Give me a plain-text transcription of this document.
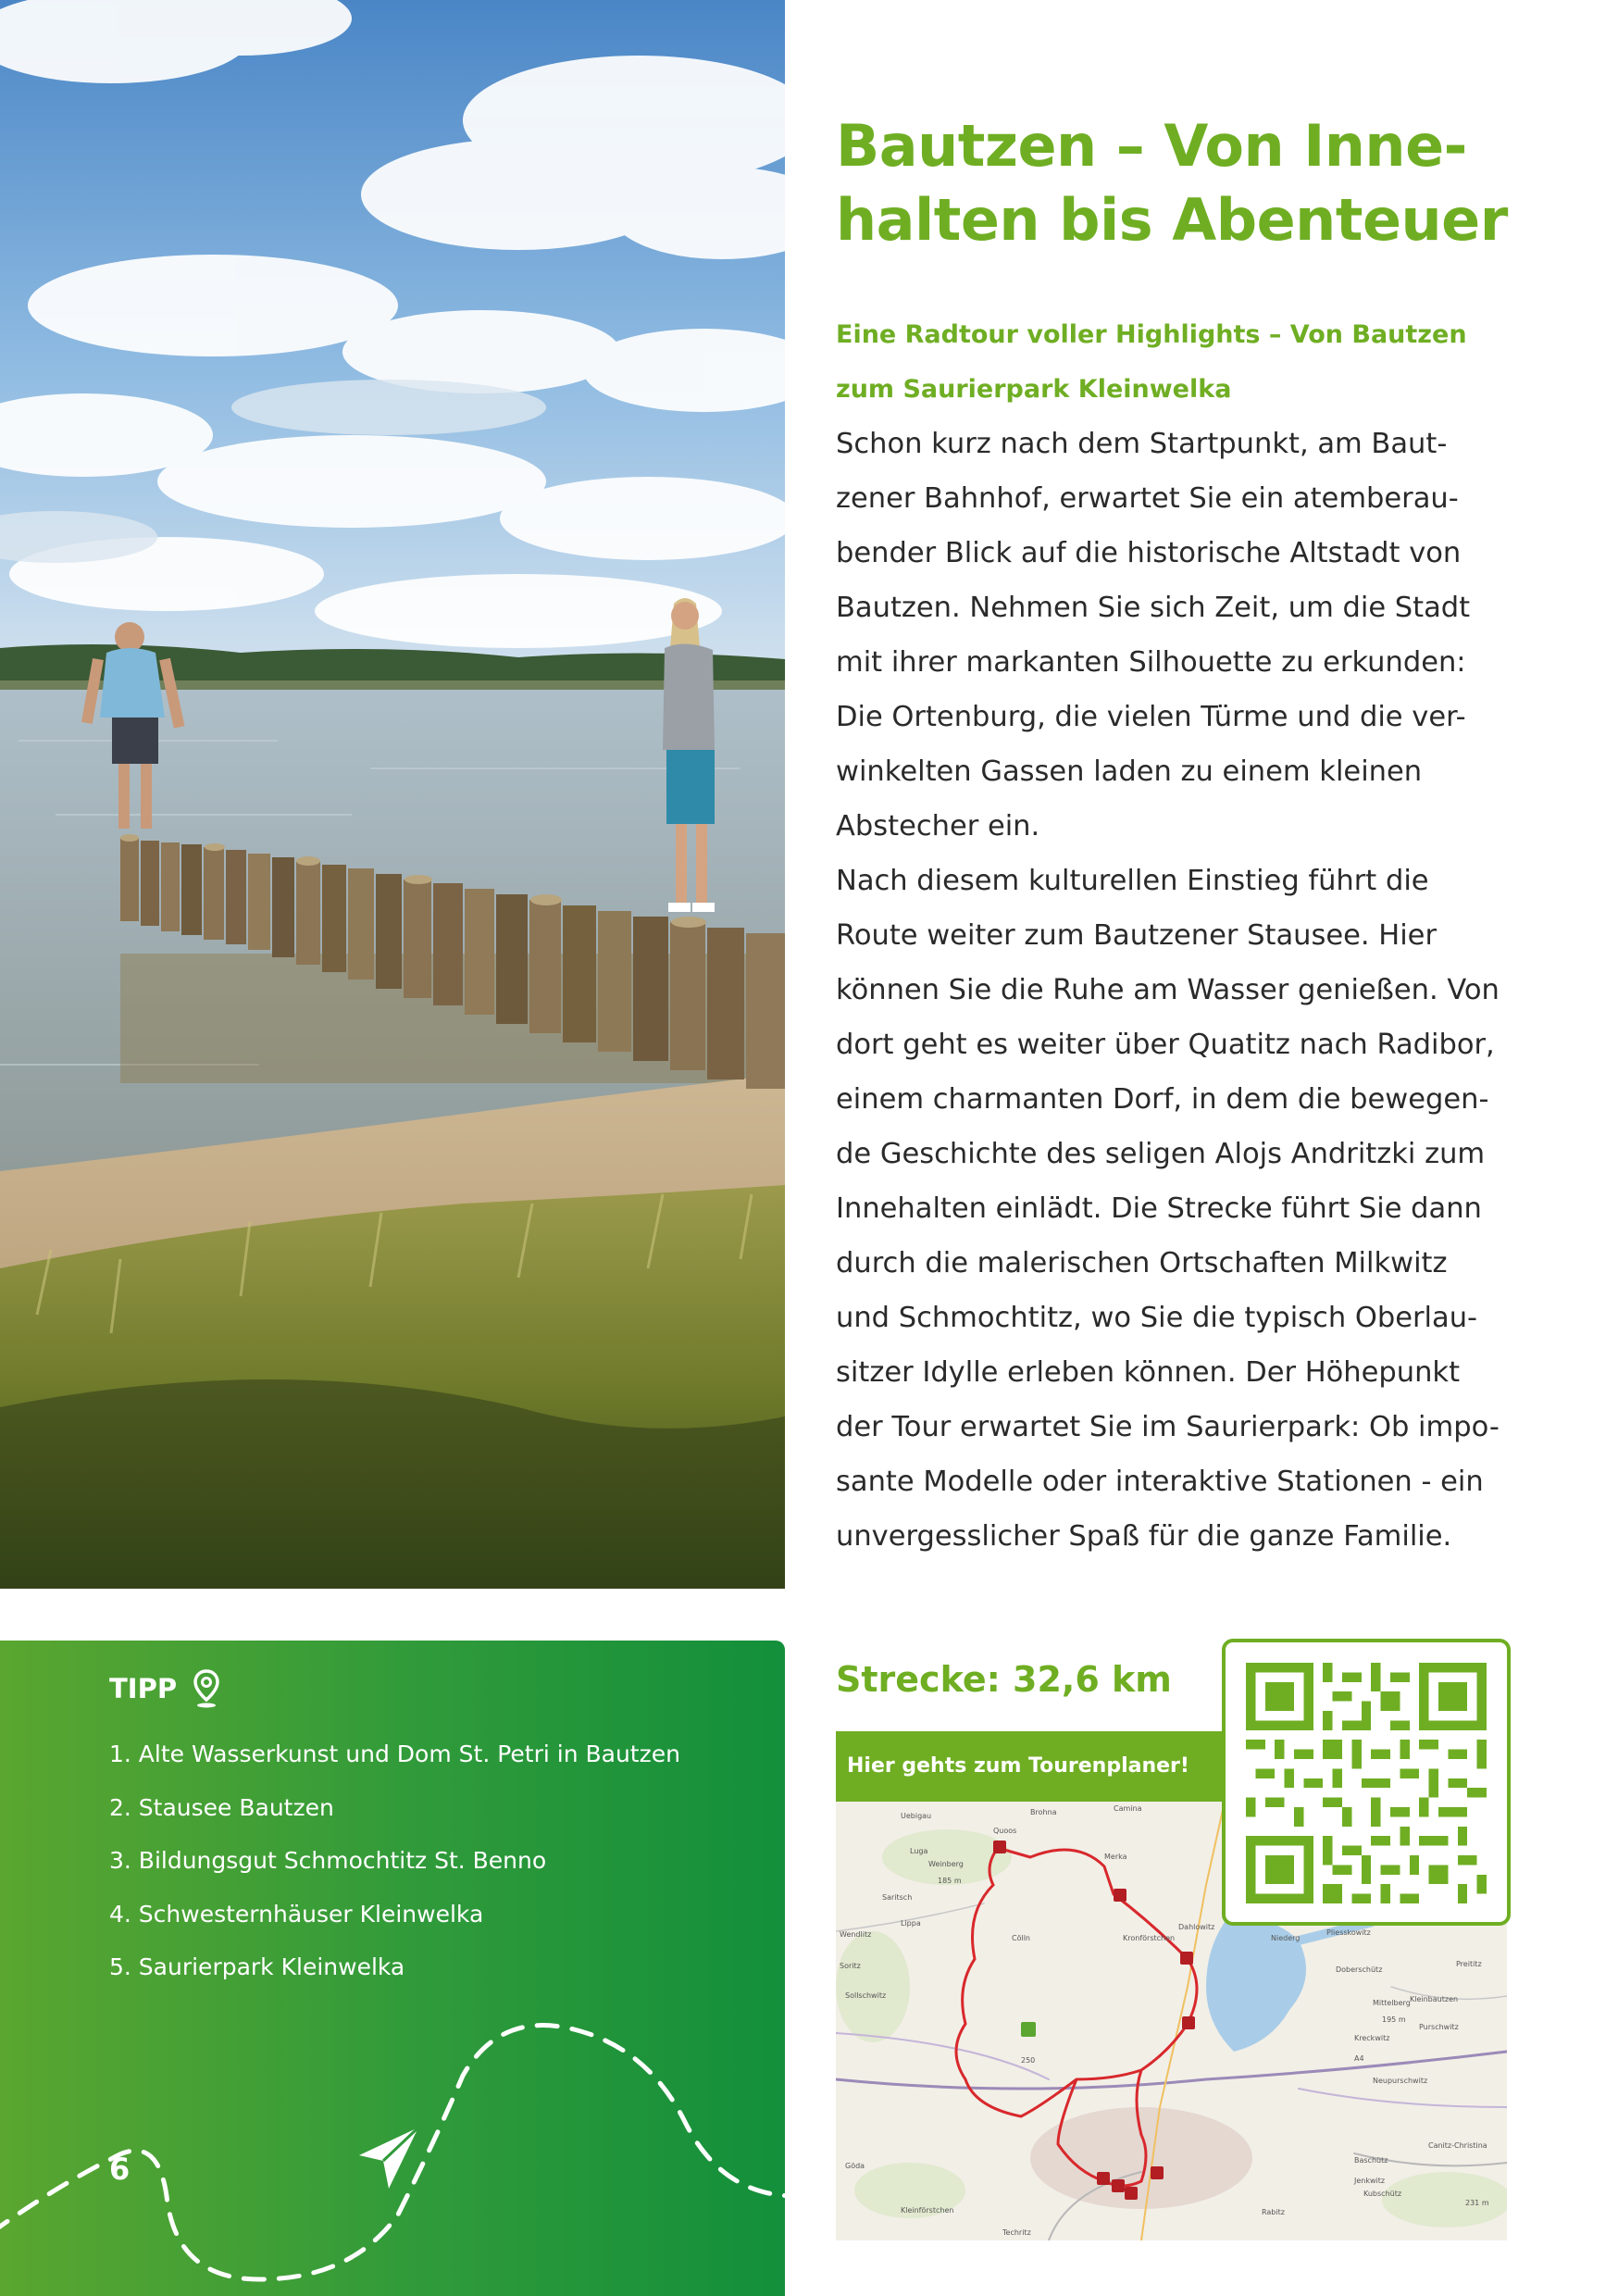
Bautzen – Von Inne-
halten bis Abenteuer

Eine Radtour voller Highlights – Von Bautzen
zum Saurierpark Kleinwelka

Schon kurz nach dem Startpunkt, am Baut-
zener Bahnhof, erwartet Sie ein atemberau-
bender Blick auf die historische Altstadt von
Bautzen. Nehmen Sie sich Zeit, um die Stadt
mit ihrer markanten Silhouette zu erkunden:
Die Ortenburg, die vielen Türme und die ver-
winkelten Gassen laden zu einem kleinen
Abstecher ein.
Nach diesem kulturellen Einstieg führt die
Route weiter zum Bautzener Stausee. Hier
können Sie die Ruhe am Wasser genießen. Von
dort geht es weiter über Quatitz nach Radibor,
einem charmanten Dorf, in dem die bewegen-
de Geschichte des seligen Alojs Andritzki zum
Innehalten einlädt. Die Strecke führt Sie dann
durch die malerischen Ortschaften Milkwitz
und Schmochtitz, wo Sie die typisch Oberlau-
sitzer Idylle erleben können. Der Höhepunkt
der Tour erwartet Sie im Saurierpark: Ob impo-
sante Modelle oder interaktive Stationen - ein
unvergesslicher Spaß für die ganze Familie.

TIPP
1. Alte Wasserkunst und Dom St. Petri in Bautzen
2. Stausee Bautzen
3. Bildungsgut Schmochtitz St. Benno
4. Schwesternhäuser Kleinwelka
5. Saurierpark Kleinwelka
6
Strecke: 32,6 km
Hier gehts zum Tourenplaner!
Uebigau	Brohna	Camina
Luga
Quoos
Weinberg
Merka
185 m
Saritsch
Lippa
Wendlitz	Cölln	Kronförstchen
Dahlowitz
Niederg
Pliesskowitz
Preititz
Soritz
Sollschwitz
Doberschütz
Mittelberg Kleinbautzen
195 m
Purschwitz
Kreckwitz
Neupurschwitz
250
Göda
Baschütz
Canitz-Christina
Jenkwitz
Kleinförstchen
Kubschütz
Rabitz
231 m
Techritz
A4
